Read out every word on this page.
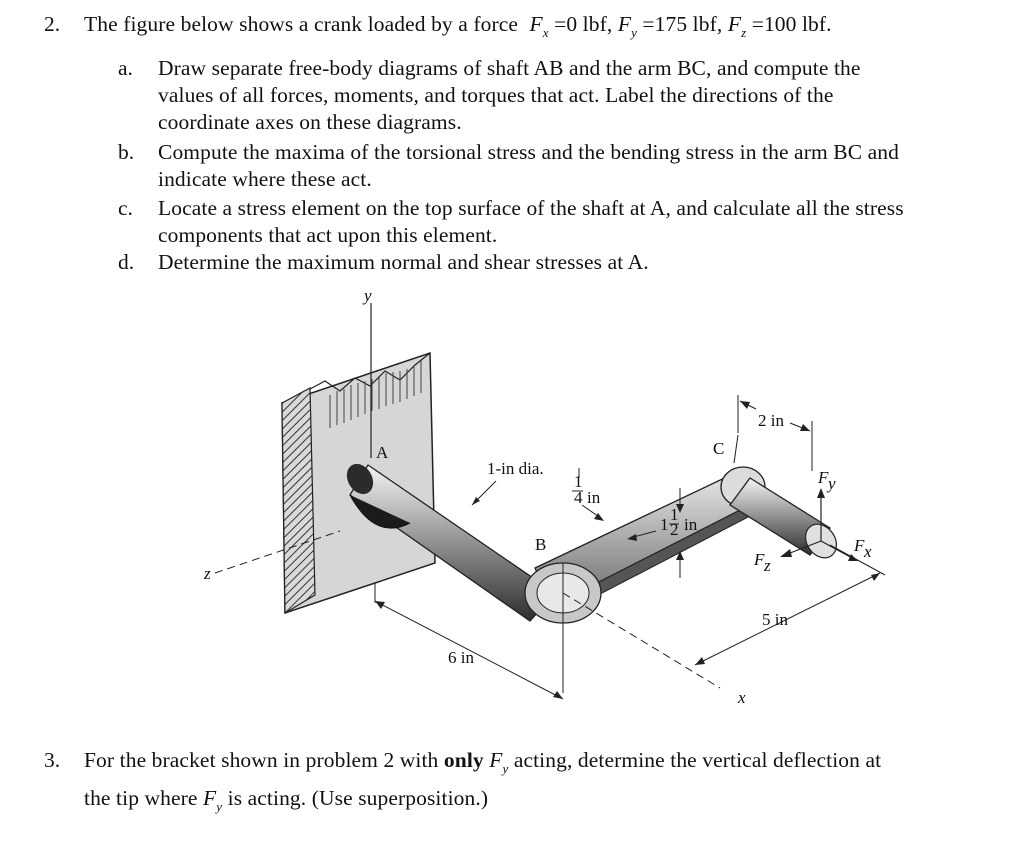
2. The figure below shows a crank loaded by a force $F_x =0$ lbf, $F_y =175$ lbf, $F_z =100$ lbf.
a. Draw separate free-body diagrams of shaft AB and the arm BC, and compute the
values of all forces, moments, and torques that act. Label the directions of the
coordinate axes on these diagrams.
b. Compute the maxima of the torsional stress and the bending stress in the arm BC and
indicate where these act.
c. Locate a stress element on the top surface of the shaft at A, and calculate all the stress
components that act upon this element.
d. Determine the maximum normal and shear stresses at A.
y
z
x
A
B
C
1-in dia.
1
4 in
1
1
2 in
2 in
F y
F z
F x
5 in
6 in
3. For the bracket shown in problem 2 with only $F_y$ acting, determine the vertical deflection at
the tip where $F_y$ is acting. (Use superposition.)
